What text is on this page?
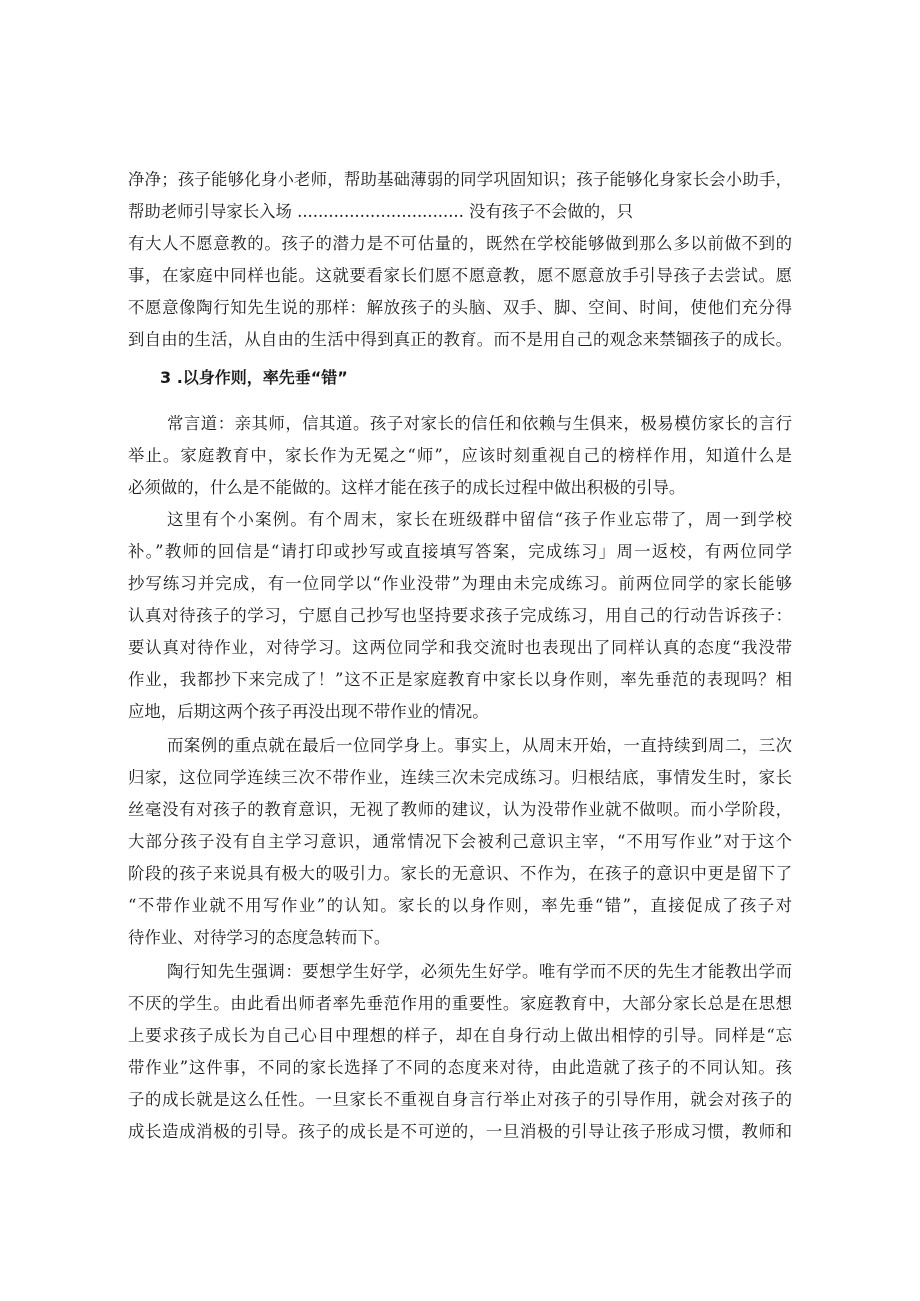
净净；孩子能够化身小老师，帮助基础薄弱的同学巩固知识；孩子能够化身家长会小助手，
帮助老师引导家长入场 ................................ 没有孩子不会做的，只
有大人不愿意教的。孩子的潜力是不可估量的，既然在学校能够做到那么多以前做不到的
事，在家庭中同样也能。这就要看家长们愿不愿意教，愿不愿意放手引导孩子去尝试。愿
不愿意像陶行知先生说的那样：解放孩子的头脑、双手、脚、空间、时间，使他们充分得
到自由的生活，从自由的生活中得到真正的教育。而不是用自己的观念来禁锢孩子的成长。
3 .以身作则，率先垂“错”
常言道：亲其师，信其道。孩子对家长的信任和依赖与生俱来，极易模仿家长的言行
举止。家庭教育中，家长作为无冕之“师”，应该时刻重视自己的榜样作用，知道什么是
必须做的，什么是不能做的。这样才能在孩子的成长过程中做出积极的引导。
这里有个小案例。有个周末，家长在班级群中留信“孩子作业忘带了，周一到学校
补。”教师的回信是“请打印或抄写或直接填写答案，完成练习」周一返校，有两位同学
抄写练习并完成，有一位同学以“作业没带”为理由未完成练习。前两位同学的家长能够
认真对待孩子的学习，宁愿自己抄写也坚持要求孩子完成练习，用自己的行动告诉孩子：
要认真对待作业，对待学习。这两位同学和我交流时也表现出了同样认真的态度“我没带
作业，我都抄下来完成了！”这不正是家庭教育中家长以身作则，率先垂范的表现吗？相
应地，后期这两个孩子再没出现不带作业的情况。
而案例的重点就在最后一位同学身上。事实上，从周末开始，一直持续到周二，三次
归家，这位同学连续三次不带作业，连续三次未完成练习。归根结底，事情发生时，家长
丝毫没有对孩子的教育意识，无视了教师的建议，认为没带作业就不做呗。而小学阶段，
大部分孩子没有自主学习意识，通常情况下会被利己意识主宰，“不用写作业”对于这个
阶段的孩子来说具有极大的吸引力。家长的无意识、不作为，在孩子的意识中更是留下了
“不带作业就不用写作业”的认知。家长的以身作则，率先垂“错”，直接促成了孩子对
待作业、对待学习的态度急转而下。
陶行知先生强调：要想学生好学，必须先生好学。唯有学而不厌的先生才能教出学而
不厌的学生。由此看出师者率先垂范作用的重要性。家庭教育中，大部分家长总是在思想
上要求孩子成长为自己心目中理想的样子，却在自身行动上做出相悖的引导。同样是“忘
带作业”这件事，不同的家长选择了不同的态度来对待，由此造就了孩子的不同认知。孩
子的成长就是这么任性。一旦家长不重视自身言行举止对孩子的引导作用，就会对孩子的
成长造成消极的引导。孩子的成长是不可逆的，一旦消极的引导让孩子形成习惯，教师和
